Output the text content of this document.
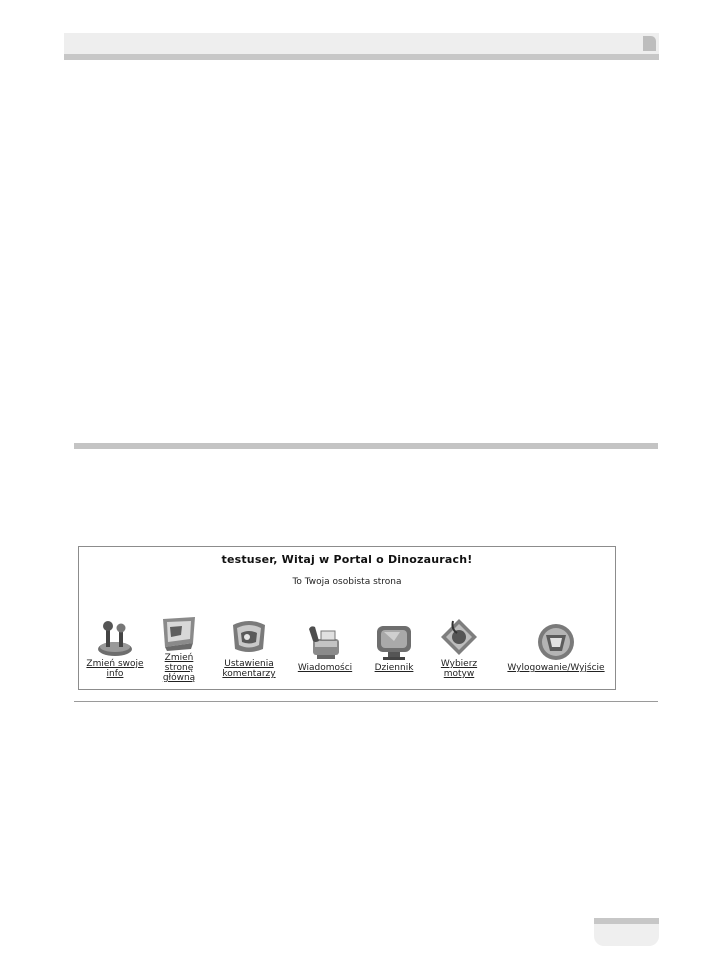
testuser, Witaj w Portal o Dinozaurach!
To Twoja osobista strona
Zmień swoje
info
Zmień
stronę
główną
Ustawienia
komentarzy
Wiadomości	Dziennik	Wybierz
motyw
Wylogowanie/Wyjście
